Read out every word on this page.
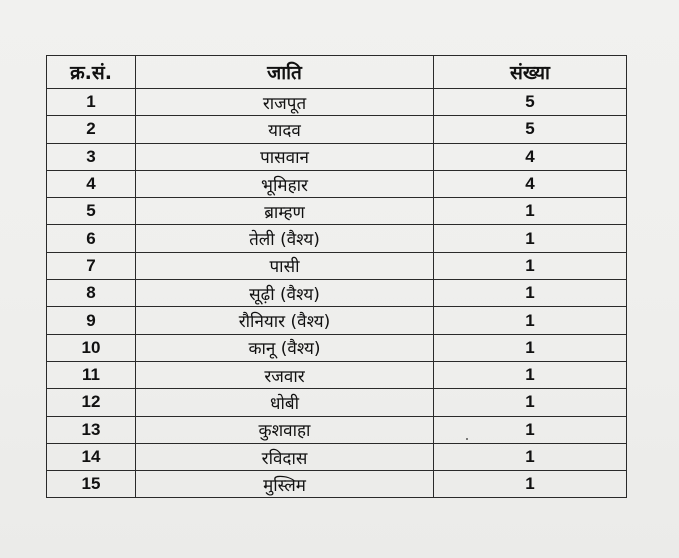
क्र.सं.	जाति	संख्या
1	राजपूत	5
2	यादव	5
3	पासवान	4
4	भूमिहार	4
5	ब्राम्हण	1
6	तेली (वैश्य)	1
7	पासी	1
8	सूढ़ी (वैश्य)	1
9	रौनियार (वैश्य)	1
10	कानू (वैश्य)	1
11	रजवार	1
12	धोबी	1
13	कुशवाहा	1
14	रविदास	1
15	मुस्लिम	1
